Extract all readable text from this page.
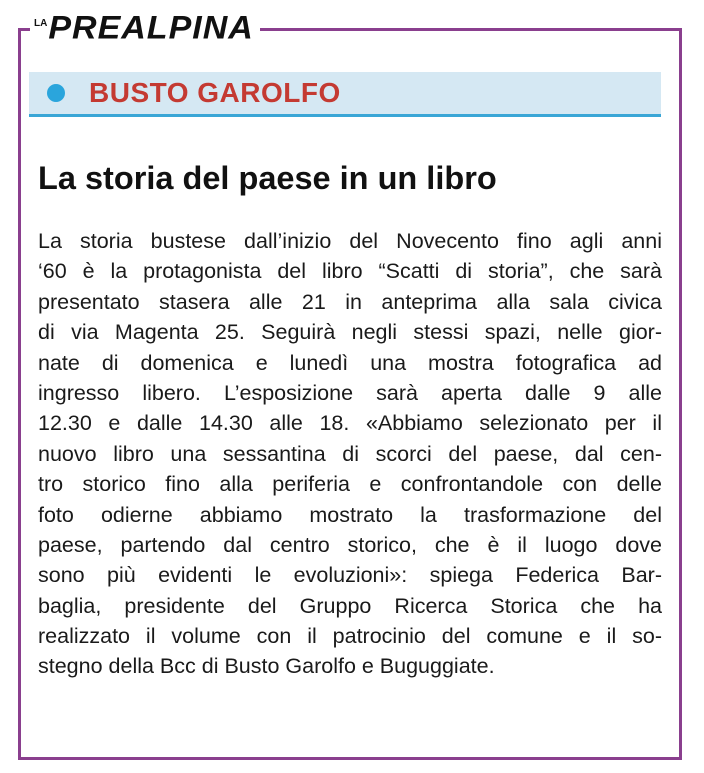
LA PREALPINA
BUSTO GAROLFO
La storia del paese in un libro
La storia bustese dall’inizio del Novecento fino agli anni
‘60 è la protagonista del libro “Scatti di storia”, che sarà
presentato stasera alle 21 in anteprima alla sala civica
di via Magenta 25. Seguirà negli stessi spazi, nelle gior-
nate di domenica e lunedì una mostra fotografica ad
ingresso libero. L’esposizione sarà aperta dalle 9 alle
12.30 e dalle 14.30 alle 18. «Abbiamo selezionato per il
nuovo libro una sessantina di scorci del paese, dal cen-
tro storico fino alla periferia e confrontandole con delle
foto odierne abbiamo mostrato la trasformazione del
paese, partendo dal centro storico, che è il luogo dove
sono più evidenti le evoluzioni»: spiega Federica Bar-
baglia, presidente del Gruppo Ricerca Storica che ha
realizzato il volume con il patrocinio del comune e il so-
stegno della Bcc di Busto Garolfo e Buguggiate.
